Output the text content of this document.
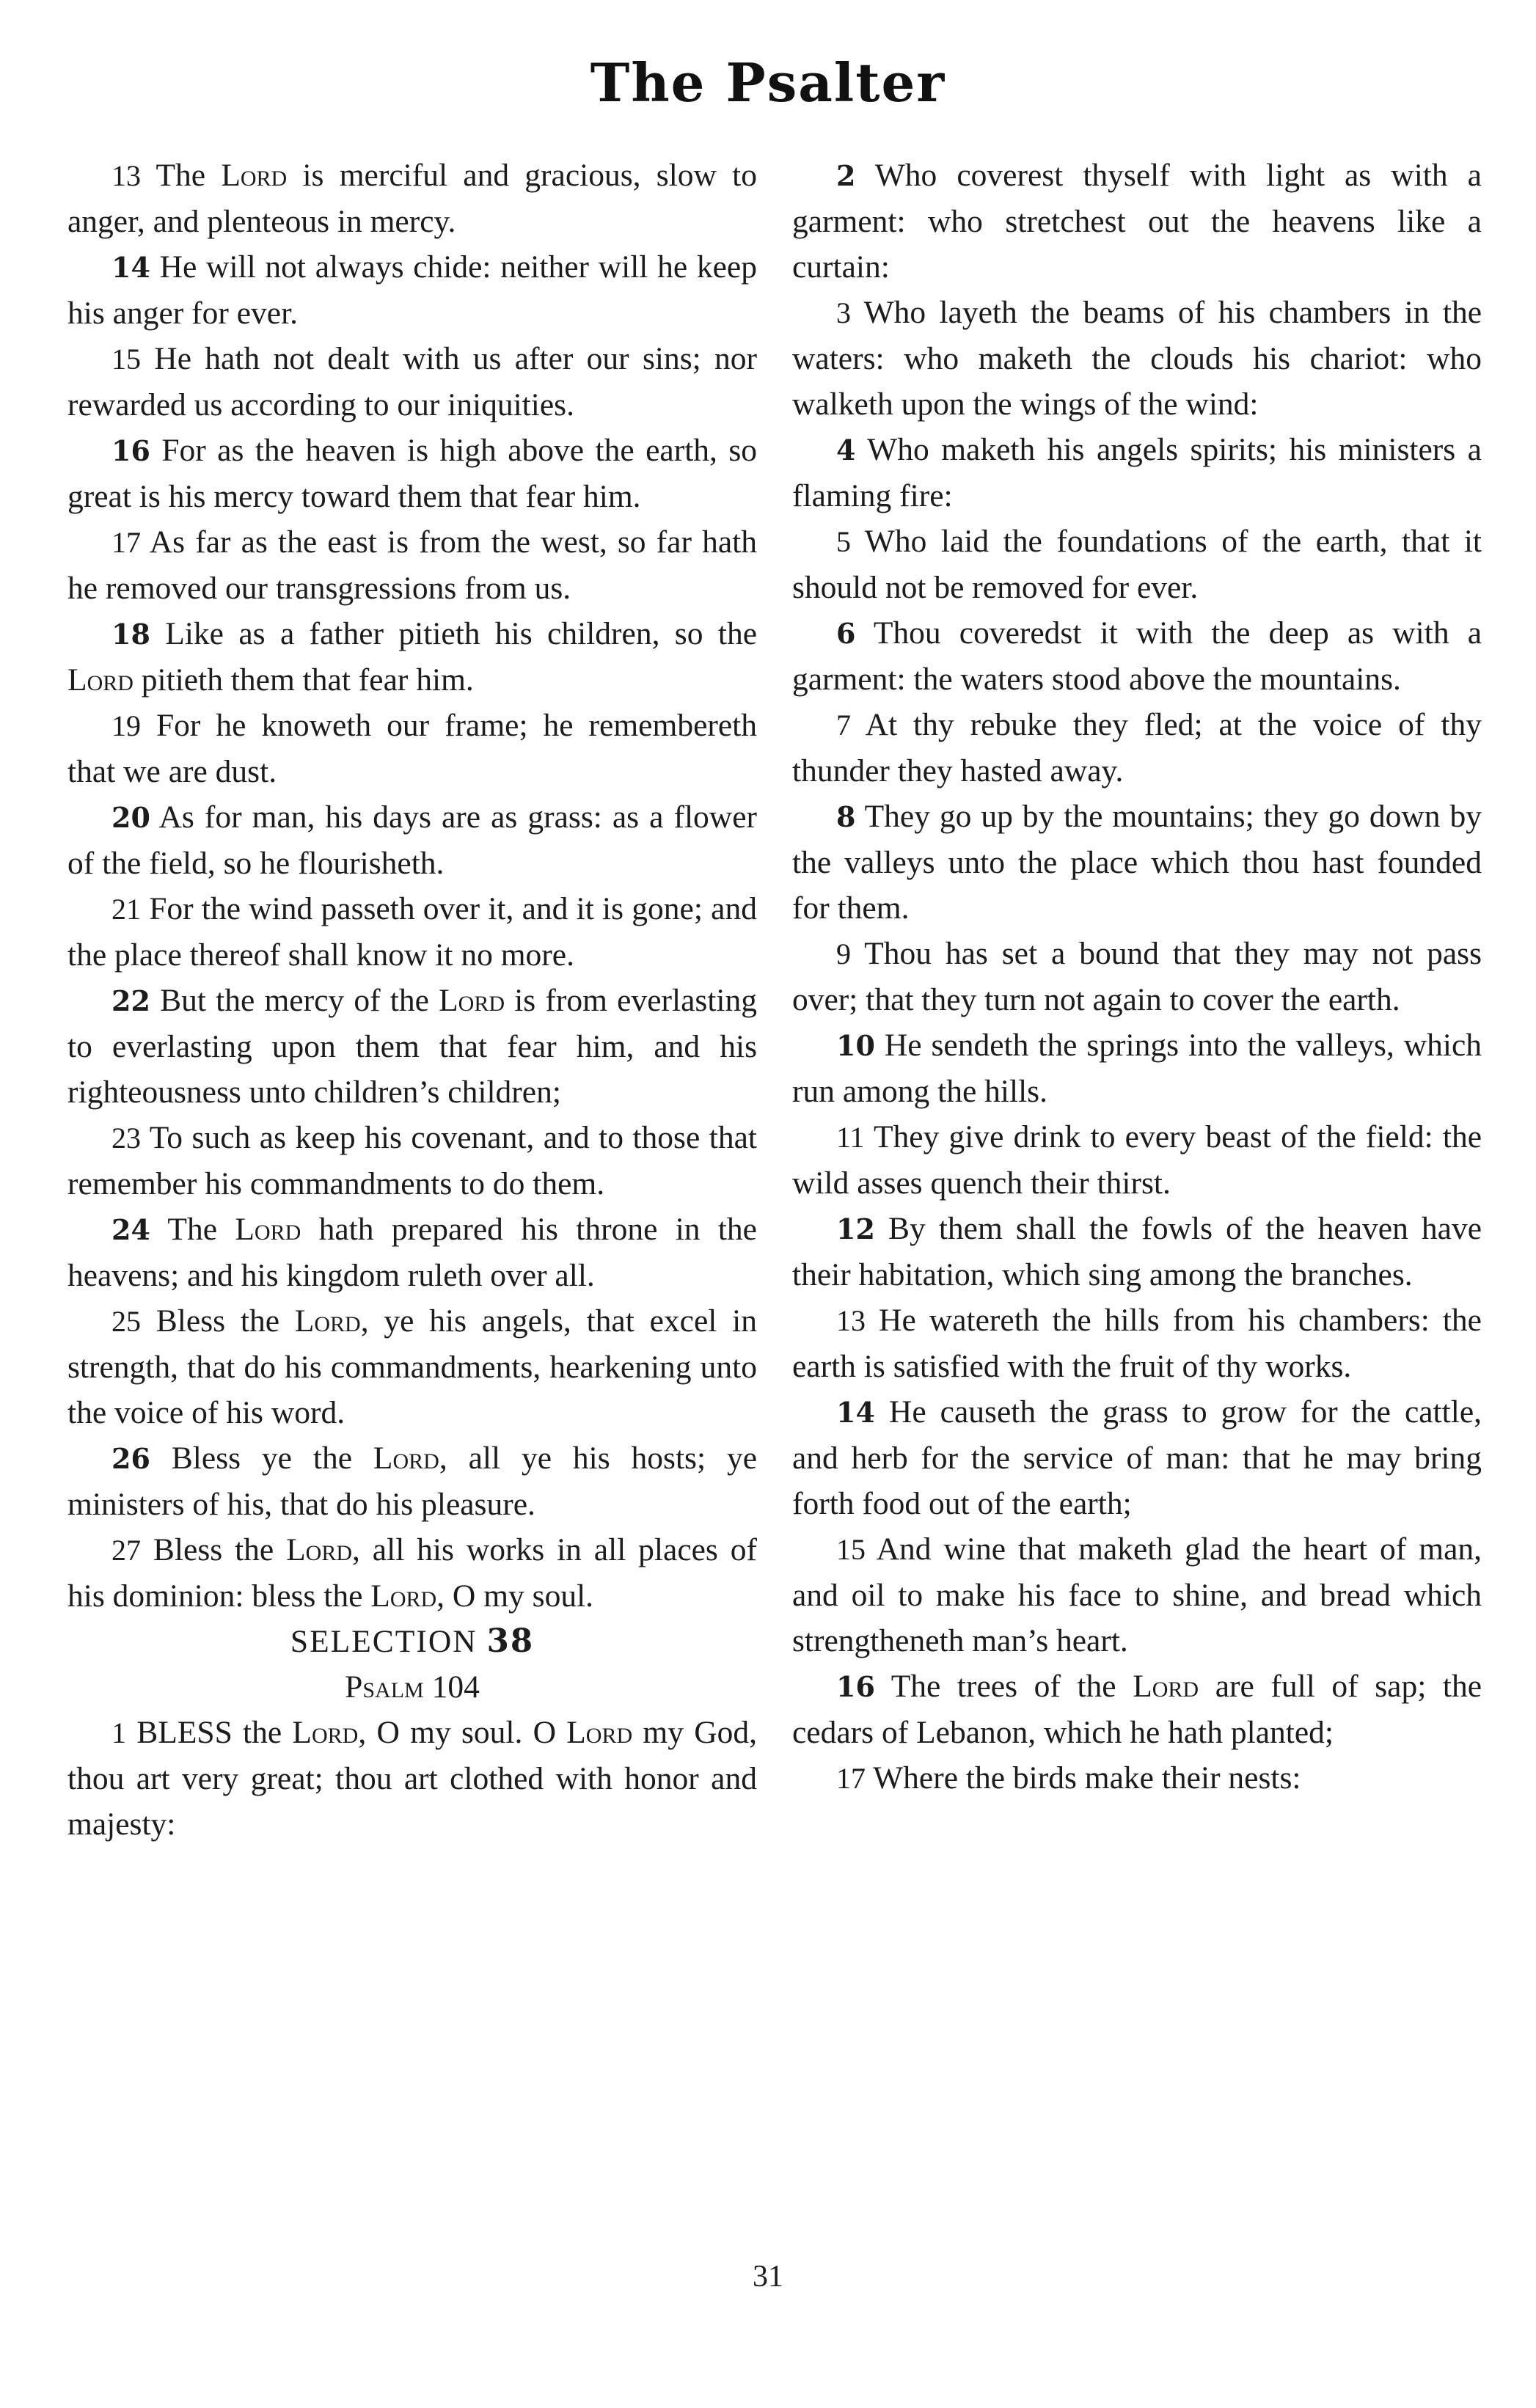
The Psalter

13 The Lord is merciful and gracious, slow to anger, and plenteous in mercy.

14 He will not always chide: neither will he keep his anger for ever.

15 He hath not dealt with us after our sins; nor rewarded us according to our iniquities.

16 For as the heaven is high above the earth, so great is his mercy toward them that fear him.

17 As far as the east is from the west, so far hath he removed our transgressions from us.

18 Like as a father pitieth his children, so the Lord pitieth them that fear him.

19 For he knoweth our frame; he remembereth that we are dust.

20 As for man, his days are as grass: as a flower of the field, so he flourisheth.

21 For the wind passeth over it, and it is gone; and the place thereof shall know it no more.

22 But the mercy of the Lord is from everlasting to everlasting upon them that fear him, and his righteousness unto children’s children;

23 To such as keep his covenant, and to those that remember his commandments to do them.

24 The Lord hath prepared his throne in the heavens; and his kingdom ruleth over all.

25 Bless the Lord, ye his angels, that excel in strength, that do his commandments, hearkening unto the voice of his word.

26 Bless ye the Lord, all ye his hosts; ye ministers of his, that do his pleasure.

27 Bless the Lord, all his works in all places of his dominion: bless the Lord, O my soul.

SELECTION 38

Psalm 104

1 BLESS the Lord, O my soul. O Lord my God, thou art very great; thou art clothed with honor and majesty:

2 Who coverest thyself with light as with a garment: who stretchest out the heavens like a curtain:

3 Who layeth the beams of his chambers in the waters: who maketh the clouds his chariot: who walketh upon the wings of the wind:

4 Who maketh his angels spirits; his ministers a flaming fire:

5 Who laid the foundations of the earth, that it should not be removed for ever.

6 Thou coveredst it with the deep as with a garment: the waters stood above the mountains.

7 At thy rebuke they fled; at the voice of thy thunder they hasted away.

8 They go up by the mountains; they go down by the valleys unto the place which thou hast founded for them.

9 Thou has set a bound that they may not pass over; that they turn not again to cover the earth.

10 He sendeth the springs into the valleys, which run among the hills.

11 They give drink to every beast of the field: the wild asses quench their thirst.

12 By them shall the fowls of the heaven have their habitation, which sing among the branches.

13 He watereth the hills from his chambers: the earth is satisfied with the fruit of thy works.

14 He causeth the grass to grow for the cattle, and herb for the service of man: that he may bring forth food out of the earth;

15 And wine that maketh glad the heart of man, and oil to make his face to shine, and bread which strengtheneth man’s heart.

16 The trees of the Lord are full of sap; the cedars of Lebanon, which he hath planted;

17 Where the birds make their nests:

31
